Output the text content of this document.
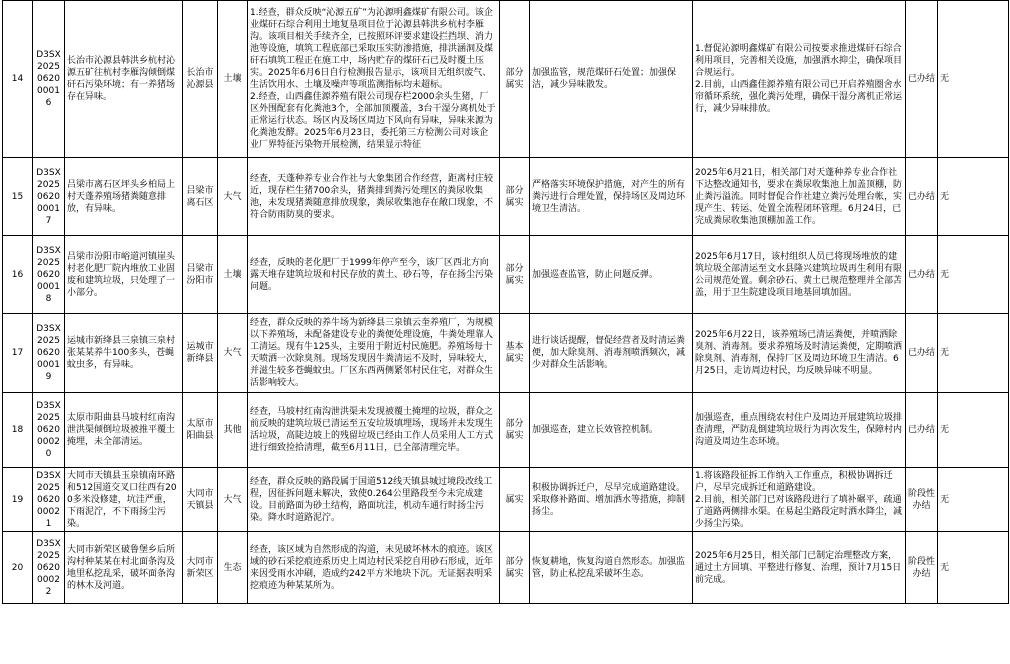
14	D3SX2025062000016	长治市沁源县韩洪乡杭村沁源五矿往杭村李雁沟倾倒煤矸石污染环境；有一养猪场存在异味。	长治市沁源县	土壤	1.经查，群众反映“沁源五矿”为沁源明鑫煤矿有限公司。该企业煤矸石综合利用土地复垦项目位于沁源县韩洪乡杭村李雁沟。该项目相关手续齐全，已按照环评要求建设拦挡坝、消力池等设施，填筑工程底部已采取压实防渗措施，排洪涵洞及煤矸石填筑工程正在施工中，场内贮存的煤矸石已及时覆土压实。2025年6月6日自行检测报告显示，该项目无组织废气、生活饮用水、土壤及噪声等项监测指标均未超标。
2.经查，山西鑫佳源养殖有限公司现存栏2000余头生猪，厂区外围配套有化粪池3个，全部加顶覆盖，3台干湿分离机处于正常运行状态。场区内及场区周边下风向有异味，异味来源为化粪池发酵。2025年6月23日，委托第三方检测公司对该企业厂界特征污染物开展检测，结果显示特征	部分属实	加强监管，规范煤矸石处置；加强保洁，减少异味散发。	1.督促沁源明鑫煤矿有限公司按要求推进煤矸石综合利用项目，完善相关设施，加强洒水抑尘，确保项目合规运行。
2.目前，山西鑫佳源养殖有限公司已开启养殖圈舍水帘循环系统，强化粪污处理，确保干湿分离机正常运行，减少异味排放。	已办结	无

15	D3SX2025062000017	吕梁市离石区坪头乡柏局上村天蓬养殖场猪粪随意排放，有异味。	吕梁市离石区	大气	经查，天蓬种养专业合作社与大象集团合作经营，距离村庄较近，现存栏生猪700余头，猪粪排到粪污处理区的粪尿收集池，未发现猪粪随意排放现象，粪尿收集池存在敞口现象，不符合防雨防臭的要求。	部分属实	严格落实环境保护措施，对产生的所有粪污进行合理处置，保持场区及周边环境卫生清洁。	2025年6月21日，相关部门对天蓬种养专业合作社下达整改通知书，要求在粪尿收集池上加盖顶棚，防止粪污溢流。同时督促合作社建立粪污处理台帐，实现产生、转运、处置全流程闭环管理。6月24日，已完成粪尿收集池顶棚加盖工作。	已办结	无

16	D3SX2025062000018	吕梁市汾阳市峪道河镇崖头村老化肥厂院内堆放工业固废和建筑垃圾，只处理了一小部分。	吕梁市汾阳市	土壤	经查，反映的老化肥厂于1999年停产至今，该厂区西北方向露天堆存建筑垃圾和村民存放的黄土、砂石等，存在扬尘污染问题。	部分属实	加强巡查监管，防止问题反弹。	2025年6月17日，该村组织人员已将现场堆放的建筑垃圾全部清运至文水县隆兴建筑垃圾再生利用有限公司规范处置。剩余砂石、黄土已规范整理并全部苫盖，用于卫生院建设项目地基回填加固。	已办结	无

17	D3SX2025062000019	运城市新绛县三泉镇三泉村张某某养牛100多头，苍蝇蚊虫多，有异味。	运城市新绛县	大气	经查，群众反映的养牛场为新绛县三泉镇云奎养殖厂，为规模以下养殖场，未配备建设专业的粪便处理设施，牛粪处理靠人工清运。现有牛125头，主要用于附近村民施肥。养殖场每十天喷洒一次除臭剂。现场发现因牛粪清运不及时，异味较大，并滋生较多苍蝇蚊虫。厂区东西两侧紧邻村民住宅，对群众生活影响较大。	基本属实	进行谈话提醒，督促经营者及时清运粪便，加大除臭剂、消毒剂喷洒频次，减少对群众生活影响。	2025年6月22日，该养殖场已清运粪便，并喷洒除臭剂、消毒剂。要求养殖场及时清运粪便，定期喷洒除臭剂、消毒剂，保持厂区及周边环境卫生清洁。6月25日，走访周边村民，均反映异味不明显。	已办结	无

18	D3SX2025062000020	太原市阳曲县马坡村红南沟泄洪渠倾倒垃圾被推平覆土掩埋，未全部清运。	太原市阳曲县	其他	经查，马坡村红南沟泄洪渠未发现被覆土掩埋的垃圾，群众之前反映的建筑垃圾已清运至五安垃圾填埋场，现场并未发现生活垃圾，高陡边坡上的残留垃圾已经由工作人员采用人工方式进行细致捡拾清理，截至6月11日，已全部清理完毕。	部分属实	加强巡查，建立长效管控机制。	加强巡查，重点围绕农村住户及周边开展建筑垃圾排查清理，严防乱倒建筑垃圾行为再次发生，保障村内沟道及周边生态环境。	已办结	无

19	D3SX2025062000021	大同市天镇县玉泉镇南环路和512国道交叉口往西有200多米没修建，坑洼严重，下雨泥泞，不下雨扬尘污染。	大同市天镇县	大气	经查，群众反映的路段属于国道512线天镇县城过境段改线工程，因征拆问题未解决，致使0.264公里路段至今未完成建设。目前路面为砂土结构，路面坑洼，机动车通行时扬尘污染。降水时道路泥泞。	属实	积极协调拆迁户，尽早完成道路建设。采取修补路面、增加洒水等措施，抑制扬尘。	1.将该路段征拆工作纳入工作重点，积极协调拆迁户，尽早完成拆迁和道路建设。
2.目前，相关部门已对该路段进行了填补碾平，疏通了道路两侧排水渠。在易起尘路段定时洒水降尘，减少扬尘污染。	阶段性办结	无

20	D3SX2025062000022	大同市新荣区破鲁堡乡后所沟村种某某在村北面条沟及地里私挖乱采，破坏面条沟的林木及河道。	大同市新荣区	生态	经查，该区域为自然形成的沟道，未见破坏林木的痕迹。该区域的砂石采挖痕迹系历史上周边村民采挖自用砂石形成，近年来因受雨水冲刷，造成约242平方米地块下沉。无证据表明采挖痕迹为种某某所为。	部分属实	恢复耕地，恢复沟道自然形态。加强监管，防止私挖乱采破坏生态。	2025年6月25日，相关部门已制定治理整改方案，通过土方回填、平整进行修复、治理，预计7月15日前完成。	阶段性办结	无
